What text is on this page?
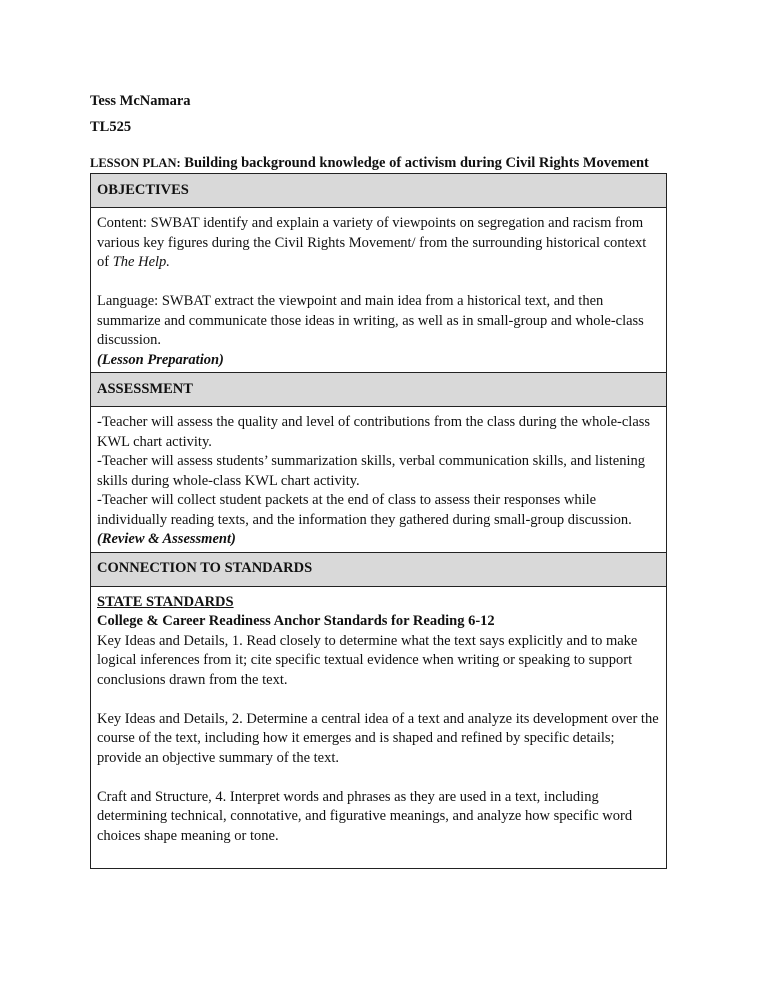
Tess McNamara
TL525
LESSON PLAN: Building background knowledge of activism during Civil Rights Movement
OBJECTIVES

Content: SWBAT identify and explain a variety of viewpoints on segregation and racism from various key figures during the Civil Rights Movement/ from the surrounding historical context of The Help.
Language: SWBAT extract the viewpoint and main idea from a historical text, and then summarize and communicate those ideas in writing, as well as in small-group and whole-class discussion.
(Lesson Preparation)

ASSESSMENT

-Teacher will assess the quality and level of contributions from the class during the whole-class KWL chart activity.
-Teacher will assess students’ summarization skills, verbal communication skills, and listening skills during whole-class KWL chart activity.
-Teacher will collect student packets at the end of class to assess their responses while individually reading texts, and the information they gathered during small-group discussion.
(Review & Assessment)

CONNECTION TO STANDARDS

STATE STANDARDS
College & Career Readiness Anchor Standards for Reading 6-12
Key Ideas and Details, 1. Read closely to determine what the text says explicitly and to make logical inferences from it; cite specific textual evidence when writing or speaking to support conclusions drawn from the text.
Key Ideas and Details, 2. Determine a central idea of a text and analyze its development over the course of the text, including how it emerges and is shaped and refined by specific details; provide an objective summary of the text.
Craft and Structure, 4. Interpret words and phrases as they are used in a text, including determining technical, connotative, and figurative meanings, and analyze how specific word choices shape meaning or tone.
